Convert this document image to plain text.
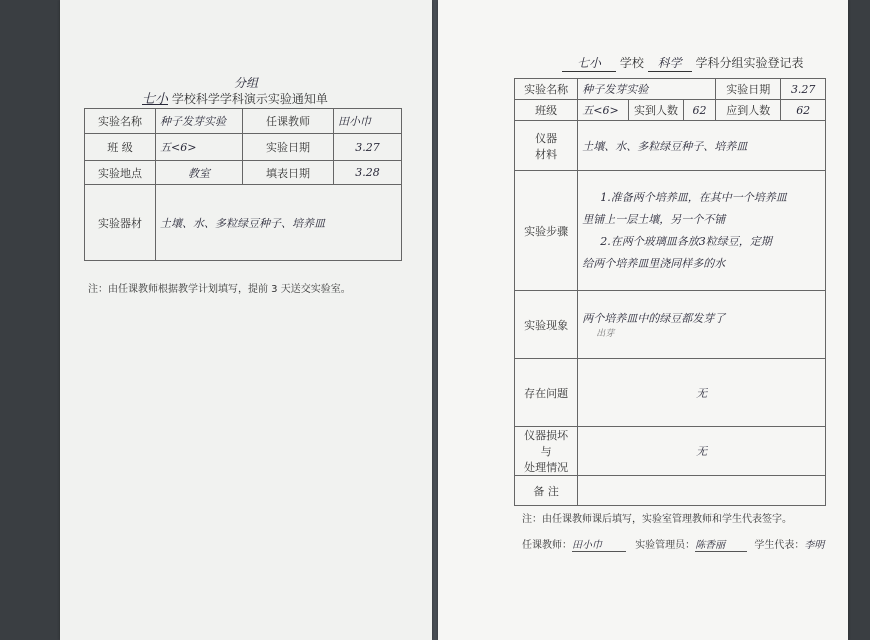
七小 学校科学学科演示实验通知单
分组
实验名称	种子发芽实验	任课教师	田小巾
班 级	五<6>	实验日期	3.27
实验地点	教室	填表日期	3.28
实验器材	土壤、水、多粒绿豆种子、培养皿		
注：由任课教师根据教学计划填写，提前 3 天送交实验室。
七小 学校 科学 学科分组实验登记表
实验名称	种子发芽实验			实验日期	3.27
班级	五<6>	实到人数	62	应到人数	62

仪器
材料	土壤、水、多粒绿豆种子、培养皿				
实验步骤	1.准备两个培养皿，在其中一个培养皿
里铺上一层土壤，另一个不铺
2.在两个玻璃皿各放3粒绿豆，定期
给两个培养皿里浇同样多的水				

实验现象	两个培养皿中的绿豆都发芽了
出芽				

存在问题	无				

仪器损坏与
处理情况	无				
备 注					
注：由任课教师课后填写，实验室管理教师和学生代表签字。
任课教师：田小巾	实验管理员：陈香丽	学生代表：李明
